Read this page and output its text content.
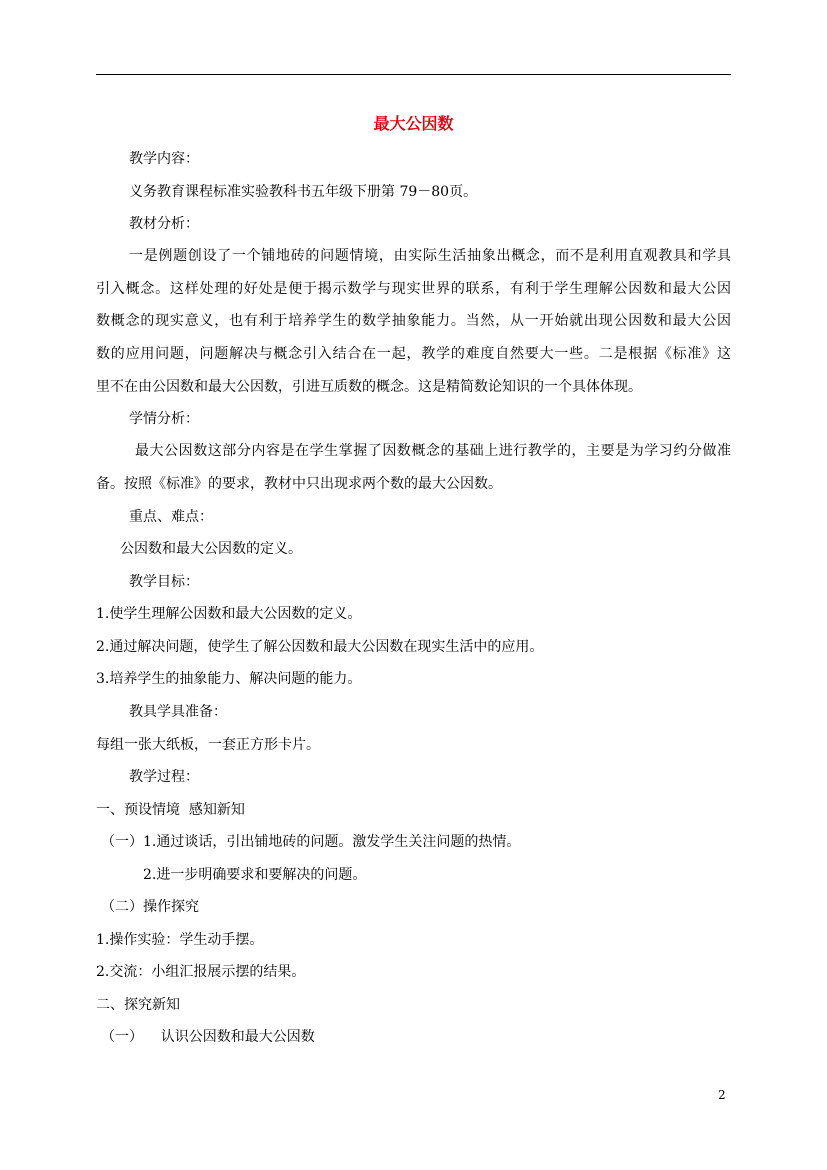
最大公因数
教学内容：
义务教育课程标准实验教科书五年级下册第 79－80页。
教材分析：
一是例题创设了一个铺地砖的问题情境，由实际生活抽象出概念，而不是利用直观教具和学具
引入概念。这样处理的好处是便于揭示数学与现实世界的联系，有利于学生理解公因数和最大公因
数概念的现实意义，也有利于培养学生的数学抽象能力。当然，从一开始就出现公因数和最大公因
数的应用问题，问题解决与概念引入结合在一起，教学的难度自然要大一些。二是根据《标准》这
里不在由公因数和最大公因数，引进互质数的概念。这是精简数论知识的一个具体体现。
学情分析：
最大公因数这部分内容是在学生掌握了因数概念的基础上进行教学的，主要是为学习约分做准
备。按照《标准》的要求，教材中只出现求两个数的最大公因数。
重点、难点：
公因数和最大公因数的定义。
教学目标：
1.使学生理解公因数和最大公因数的定义。
2.通过解决问题，使学生了解公因数和最大公因数在现实生活中的应用。
3.培养学生的抽象能力、解决问题的能力。
教具学具准备：
每组一张大纸板，一套正方形卡片。
教学过程：
一、预设情境  感知新知
（一）1.通过谈话，引出铺地砖的问题。激发学生关注问题的热情。
2.进一步明确要求和要解决的问题。
（二）操作探究
1.操作实验：学生动手摆。
2.交流：小组汇报展示摆的结果。
二、探究新知
（一）    认识公因数和最大公因数
2
